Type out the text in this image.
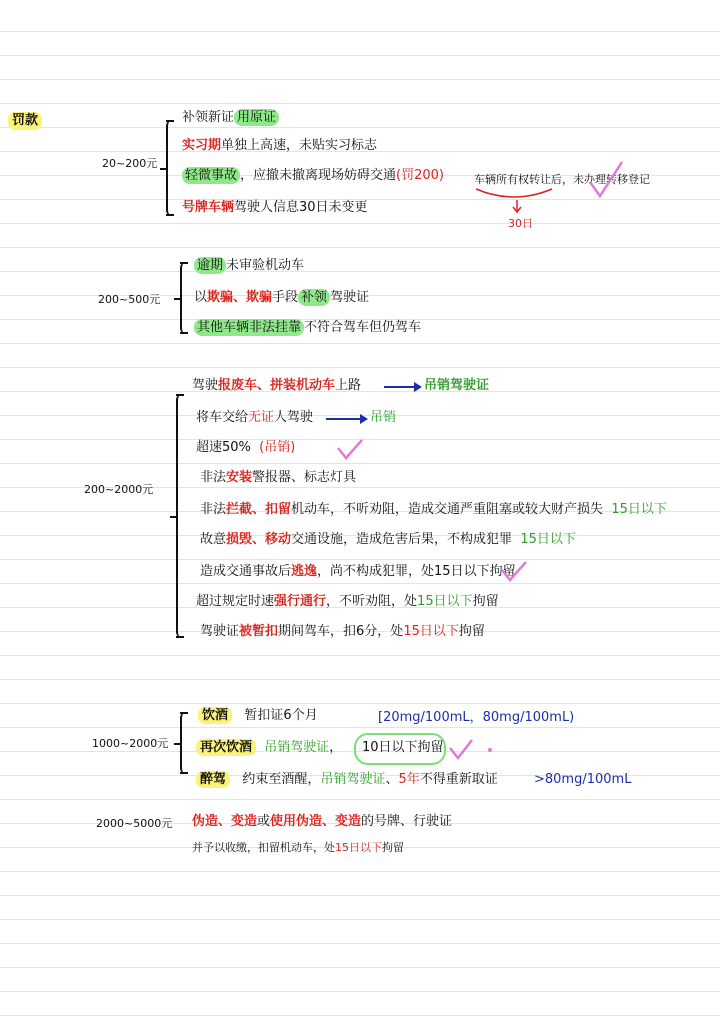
罚款
20~200元
补领新证 用原证
实习期单独上高速，未贴实习标志
轻微事故 ，应撤未撤离现场妨碍交通(罚200)	车辆所有权转让后，未办理转移登记
30日
号牌车辆驾驶人信息30日未变更
200~500元
逾期 未审验机动车
以欺骗、欺骗手段 补领 驾驶证
其他车辆非法挂靠 不符合驾车但仍驾车
200~2000元
驾驶报废车、拼装机动车上路	吊销驾驶证
将车交给无证人驾驶	吊销
超速50% (吊销)
非法安装警报器、标志灯具
非法拦截、扣留机动车，不听劝阻，造成交通严重阻塞或较大财产损失 15日以下
故意损毁、移动交通设施，造成危害后果，不构成犯罪 15日以下
造成交通事故后逃逸，尚不构成犯罪，处15日以下拘留
超过规定时速强行通行，不听劝阻，处15日以下拘留
驾驶证被暂扣期间驾车，扣6分，处15日以下拘留
1000~2000元
饮酒 暂扣证6个月	[20mg/100mL，80mg/100mL)
再次饮酒 吊销驾驶证， 10日以下拘留
醉驾 约束至酒醒，吊销驾驶证、5年不得重新取证	>80mg/100mL
2000~5000元 伪造、变造或使用伪造、变造的号牌、行驶证
并予以收缴，扣留机动车，处15日以下拘留
